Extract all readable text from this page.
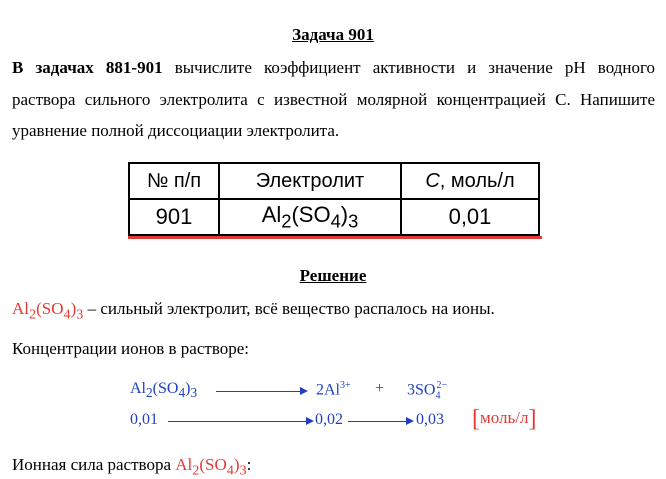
Задача 901
В задачах 881-901 вычислите коэффициент активности и значение pH водного
раствора сильного электролита с известной молярной концентрацией С. Напишите
уравнение полной диссоциации электролита.
№ п/п	Электролит	C, моль/л
901	$Al_2(SO_4)_3$	0,01
Решение
$Al_2(SO_4)_3$ – сильный электролит, всё вещество распалось на ионы.
Концентрации ионов в растворе:
$Al_2(SO_4)_3$	$2Al^{3+} + 3SO_4^{2-}$
0,01	0,02	0,03 [моль/л]
Ионная сила раствора $Al_2(SO_4)_3$:
